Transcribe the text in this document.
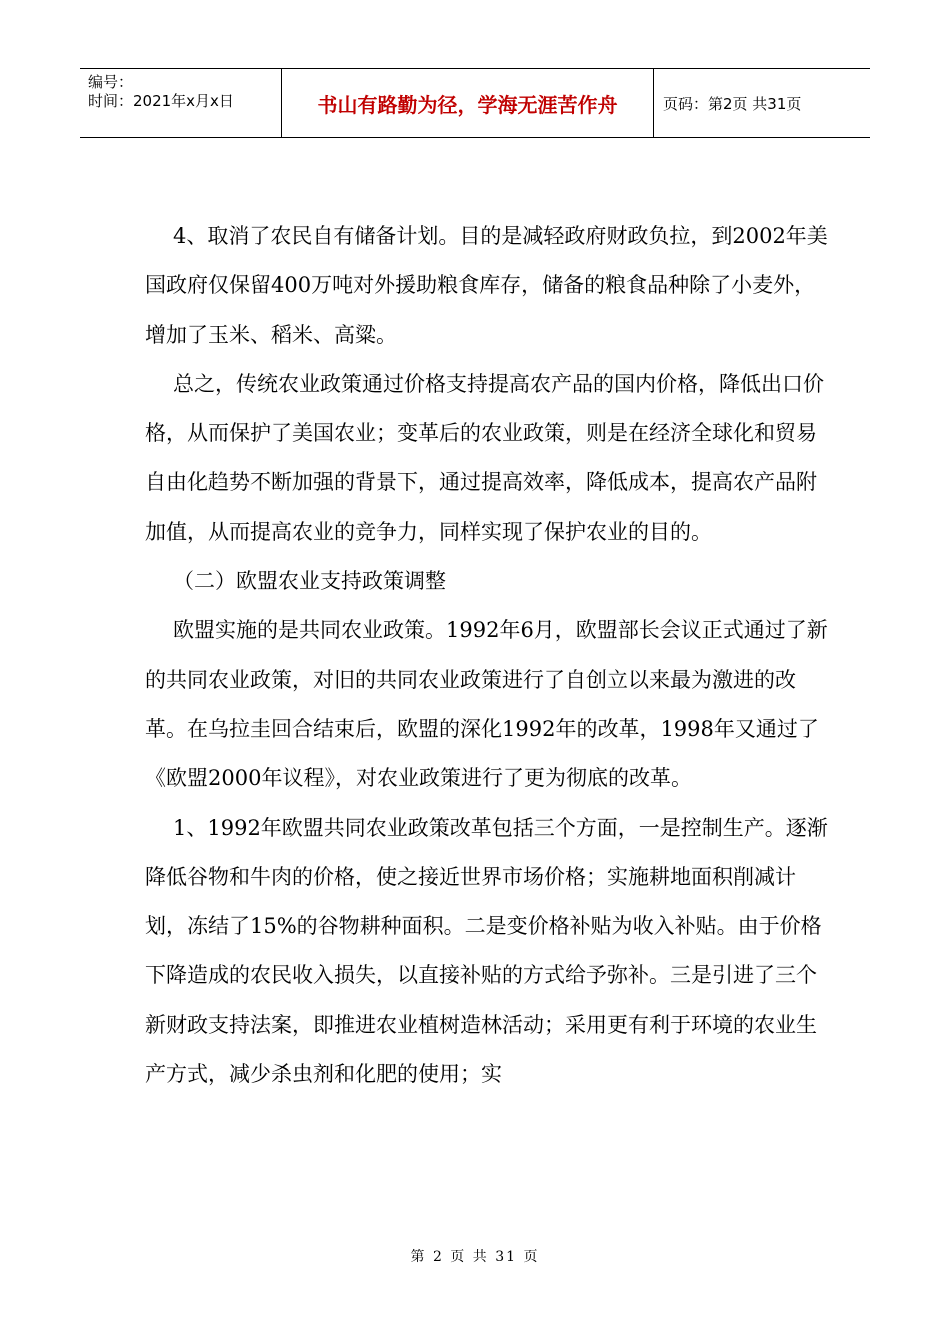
编号：
时间：2021年x月x日	书山有路勤为径，学海无涯苦作舟	页码：第2页 共31页

4、取消了农民自有储备计划。目的是减轻政府财政负拉，到2002年美国政府仅保留400万吨对外援助粮食库存，储备的粮食品种除了小麦外，增加了玉米、稻米、高粱。

总之，传统农业政策通过价格支持提高农产品的国内价格，降低出口价格，从而保护了美国农业；变革后的农业政策，则是在经济全球化和贸易自由化趋势不断加强的背景下，通过提高效率，降低成本，提高农产品附加值，从而提高农业的竞争力，同样实现了保护农业的目的。

（二）欧盟农业支持政策调整

欧盟实施的是共同农业政策。1992年6月，欧盟部长会议正式通过了新的共同农业政策，对旧的共同农业政策进行了自创立以来最为激进的改革。在乌拉圭回合结束后，欧盟的深化1992年的改革，1998年又通过了《欧盟2000年议程》，对农业政策进行了更为彻底的改革。

1、1992年欧盟共同农业政策改革包括三个方面，一是控制生产。逐渐降低谷物和牛肉的价格，使之接近世界市场价格；实施耕地面积削减计划，冻结了15%的谷物耕种面积。二是变价格补贴为收入补贴。由于价格下降造成的农民收入损失，以直接补贴的方式给予弥补。三是引进了三个新财政支持法案，即推进农业植树造林活动；采用更有利于环境的农业生产方式，减少杀虫剂和化肥的使用；实

第 2 页 共 31 页
